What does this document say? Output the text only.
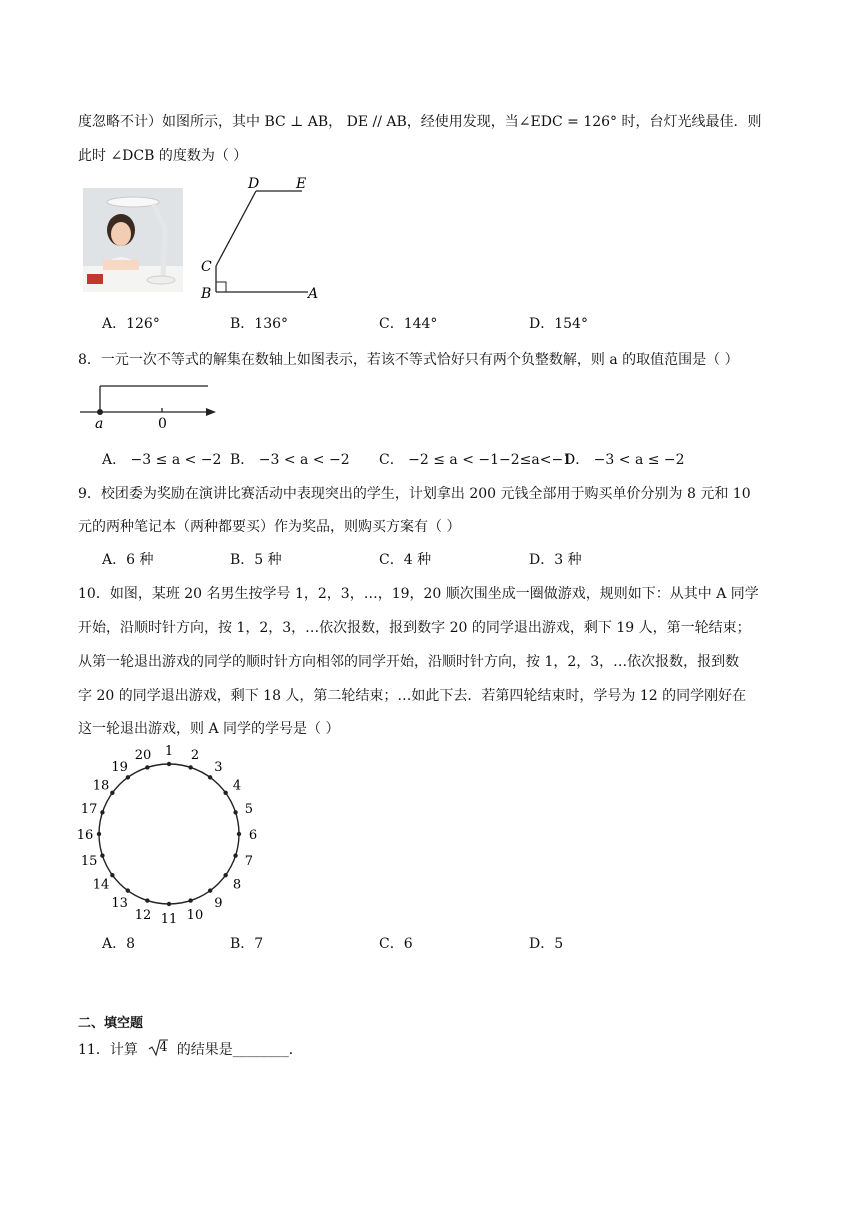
度忽略不计）如图所示，其中 BC ⊥ AB， DE // AB，经使用发现，当∠EDC = 126° 时，台灯光线最佳．则
此时 ∠DCB 的度数为（ ）
D	E
C
B	A
A．126°	B．136°	C．144°	D．154°
8．一元一次不等式的解集在数轴上如图表示，若该不等式恰好只有两个负整数解，则 a 的取值范围是（ ）
a	0
A． −3 ≤ a < −2 B． −3 < a < −2 C． −2 ≤ a < −1−2≤a<−1
D． −3 < a ≤ −2
9．校团委为奖励在演讲比赛活动中表现突出的学生，计划拿出 200 元钱全部用于购买单价分别为 8 元和 10
元的两种笔记本（两种都要买）作为奖品，则购买方案有（ ）
A．6 种	B．5 种	C．4 种	D．3 种
10．如图，某班 20 名男生按学号 1，2，3，…，19，20 顺次围坐成一圈做游戏，规则如下：从其中 A 同学
开始，沿顺时针方向，按 1，2，3，…依次报数，报到数字 20 的同学退出游戏，剩下 19 人，第一轮结束；
从第一轮退出游戏的同学的顺时针方向相邻的同学开始，沿顺时针方向，按 1，2，3，…依次报数，报到数
字 20 的同学退出游戏，剩下 18 人，第二轮结束；…如此下去．若第四轮结束时，学号为 12 的同学刚好在
这一轮退出游戏，则 A 同学的学号是（ ）
1 2
3
4
5
6
7
8
9
10
11
12
13
14
15
16
17
18
19
20
A．8	B．7	C．6	D．5
二、填空题
11．计算 4 的结果是________．
